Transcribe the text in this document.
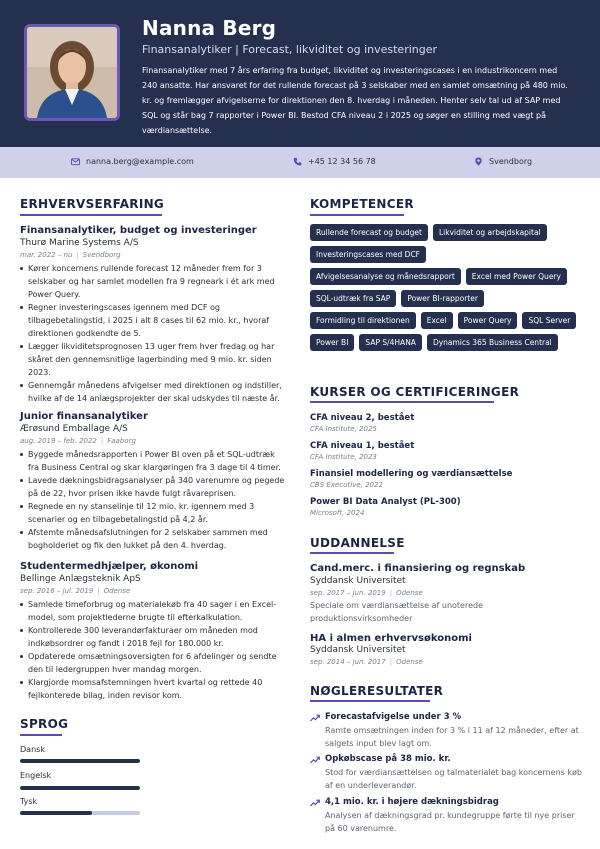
Nanna Berg
Finansanalytiker | Forecast, likviditet og investeringer
Finansanalytiker med 7 års erfaring fra budget, likviditet og investeringscases i en industrikoncern med 240 ansatte. Har ansvaret for det rullende forecast på 3 selskaber med en samlet omsætning på 480 mio. kr. og fremlægger afvigelserne for direktionen den 8. hverdag i måneden. Henter selv tal ud af SAP med SQL og står bag 7 rapporter i Power BI. Bestod CFA niveau 2 i 2025 og søger en stilling med vægt på værdiansættelse.
nanna.berg@example.com	+45 12 34 56 78	Svendborg
ERHVERVSERFARING
Finansanalytiker, budget og investeringer
Thurø Marine Systems A/S
mar. 2022 – nu | Svendborg
Kører koncernens rullende forecast 12 måneder frem for 3 selskaber og har samlet modellen fra 9 regneark i ét ark med Power Query.
Regner investeringscases igennem med DCF og tilbagebetalingstid, i 2025 i alt 8 cases til 62 mio. kr., hvoraf direktionen godkendte de 5.
Lægger likviditetsprognosen 13 uger frem hver fredag og har skåret den gennemsnitlige lagerbinding med 9 mio. kr. siden 2023.
Gennemgår månedens afvigelser med direktionen og indstiller, hvilke af de 14 anlægsprojekter der skal udskydes til næste år.
Junior finansanalytiker
Ærøsund Emballage A/S
aug. 2019 – feb. 2022 | Faaborg
Byggede månedsrapporten i Power BI oven på et SQL-udtræk fra Business Central og skar klargøringen fra 3 dage til 4 timer.
Lavede dækningsbidragsanalyser på 340 varenumre og pegede på de 22, hvor prisen ikke havde fulgt råvareprisen.
Regnede en ny stanselinje til 12 mio. kr. igennem med 3 scenarier og en tilbagebetalingstid på 4,2 år.
Afstemte månedsafslutningen for 2 selskaber sammen med bogholderiet og fik den lukket på den 4. hverdag.
Studentermedhjælper, økonomi
Bellinge Anlægsteknik ApS
sep. 2016 – jul. 2019 | Odense
Samlede timeforbrug og materialekøb fra 40 sager i en Excel-model, som projektlederne brugte til efterkalkulation.
Kontrollerede 300 leverandørfakturaer om måneden mod indkøbsordrer og fandt i 2018 fejl for 180.000 kr.
Opdaterede omsætningsoversigten for 6 afdelinger og sendte den til ledergruppen hver mandag morgen.
Klargjorde momsafstemningen hvert kvartal og rettede 40 fejlkonterede bilag, inden revisor kom.
SPROG
Dansk
Engelsk
Tysk
KOMPETENCER
Rullende forecast og budget	Likviditet og arbejdskapital
Investeringscases med DCF
Afvigelsesanalyse og månedsrapport	Excel med Power Query
SQL-udtræk fra SAP	Power BI-rapporter
Formidling til direktionen	Excel	Power Query	SQL Server
Power BI	SAP S/4HANA	Dynamics 365 Business Central
KURSER OG CERTIFICERINGER
CFA niveau 2, bestået
CFA Institute, 2025
CFA niveau 1, bestået
CFA Institute, 2023
Finansiel modellering og værdiansættelse
CBS Executive, 2022
Power BI Data Analyst (PL-300)
Microsoft, 2024
UDDANNELSE
Cand.merc. i finansiering og regnskab
Syddansk Universitet
sep. 2017 – jun. 2019 | Odense
Speciale om værdiansættelse af unoterede produktionsvirksomheder
HA i almen erhvervsøkonomi
Syddansk Universitet
sep. 2014 – jun. 2017 | Odense
NØGLERESULTATER
Forecastafvigelse under 3 %
Ramte omsætningen inden for 3 % i 11 af 12 måneder, efter at salgets input blev lagt om.
Opkøbscase på 38 mio. kr.
Stod for værdiansættelsen og talmaterialet bag koncernens køb af en underleverandør.
4,1 mio. kr. i højere dækningsbidrag
Analysen af dækningsgrad pr. kundegruppe førte til nye priser på 60 varenumre.
